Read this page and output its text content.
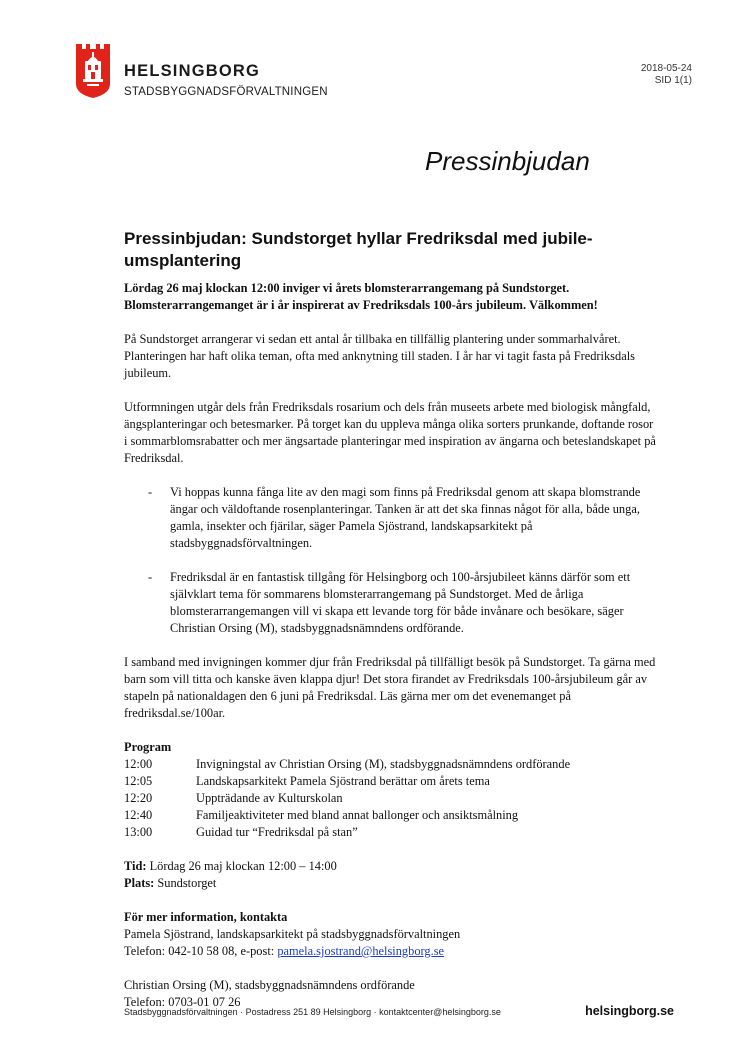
HELSINGBORG
STADSBYGGNADSFÖRVALTNINGEN
2018-05-24
SID 1(1)
Pressinbjudan
Pressinbjudan: Sundstorget hyllar Fredriksdal med jubileumsplantering

Lördag 26 maj klockan 12:00 inviger vi årets blomsterarrangemang på Sundstorget. Blomsterarrangemanget är i år inspirerat av Fredriksdals 100-års jubileum. Välkommen!

På Sundstorget arrangerar vi sedan ett antal år tillbaka en tillfällig plantering under sommarhalvåret. Planteringen har haft olika teman, ofta med anknytning till staden. I år har vi tagit fasta på Fredriksdals jubileum.

Utformningen utgår dels från Fredriksdals rosarium och dels från museets arbete med biologisk mångfald, ängsplanteringar och betesmarker. På torget kan du uppleva många olika sorters prunkande, doftande rosor i sommarblomsrabatter och mer ängsartade planteringar med inspiration av ängarna och beteslandskapet på Fredriksdal.

- Vi hoppas kunna fånga lite av den magi som finns på Fredriksdal genom att skapa blomstrande ängar och väldoftande rosenplanteringar. Tanken är att det ska finnas något för alla, både unga, gamla, insekter och fjärilar, säger Pamela Sjöstrand, landskapsarkitekt på stadsbyggnadsförvaltningen.
- Fredriksdal är en fantastisk tillgång för Helsingborg och 100-årsjubileet känns därför som ett självklart tema för sommarens blomsterarrangemang på Sundstorget. Med de årliga blomsterarrangemangen vill vi skapa ett levande torg för både invånare och besökare, säger Christian Orsing (M), stadsbyggnadsnämndens ordförande.

I samband med invigningen kommer djur från Fredriksdal på tillfälligt besök på Sundstorget. Ta gärna med barn som vill titta och kanske även klappa djur! Det stora firandet av Fredriksdals 100-årsjubileum går av stapeln på nationaldagen den 6 juni på Fredriksdal. Läs gärna mer om det evenemanget på fredriksdal.se/100ar.

Program
12:00	Invigningstal av Christian Orsing (M), stadsbyggnadsnämndens ordförande
12:05	Landskapsarkitekt Pamela Sjöstrand berättar om årets tema
12:20	Uppträdande av Kulturskolan
12:40	Familjeaktiviteter med bland annat ballonger och ansiktsmålning
13:00	Guidad tur “Fredriksdal på stan”
Tid: Lördag 26 maj klockan 12:00 – 14:00
Plats: Sundstorget
För mer information, kontakta
Pamela Sjöstrand, landskapsarkitekt på stadsbyggnadsförvaltningen
Telefon: 042-10 58 08, e-post: pamela.sjostrand@helsingborg.se
Christian Orsing (M), stadsbyggnadsnämndens ordförande
Telefon: 0703-01 07 26
Stadsbyggnadsförvaltningen · Postadress 251 89 Helsingborg · kontaktcenter@helsingborg.se	helsingborg.se
